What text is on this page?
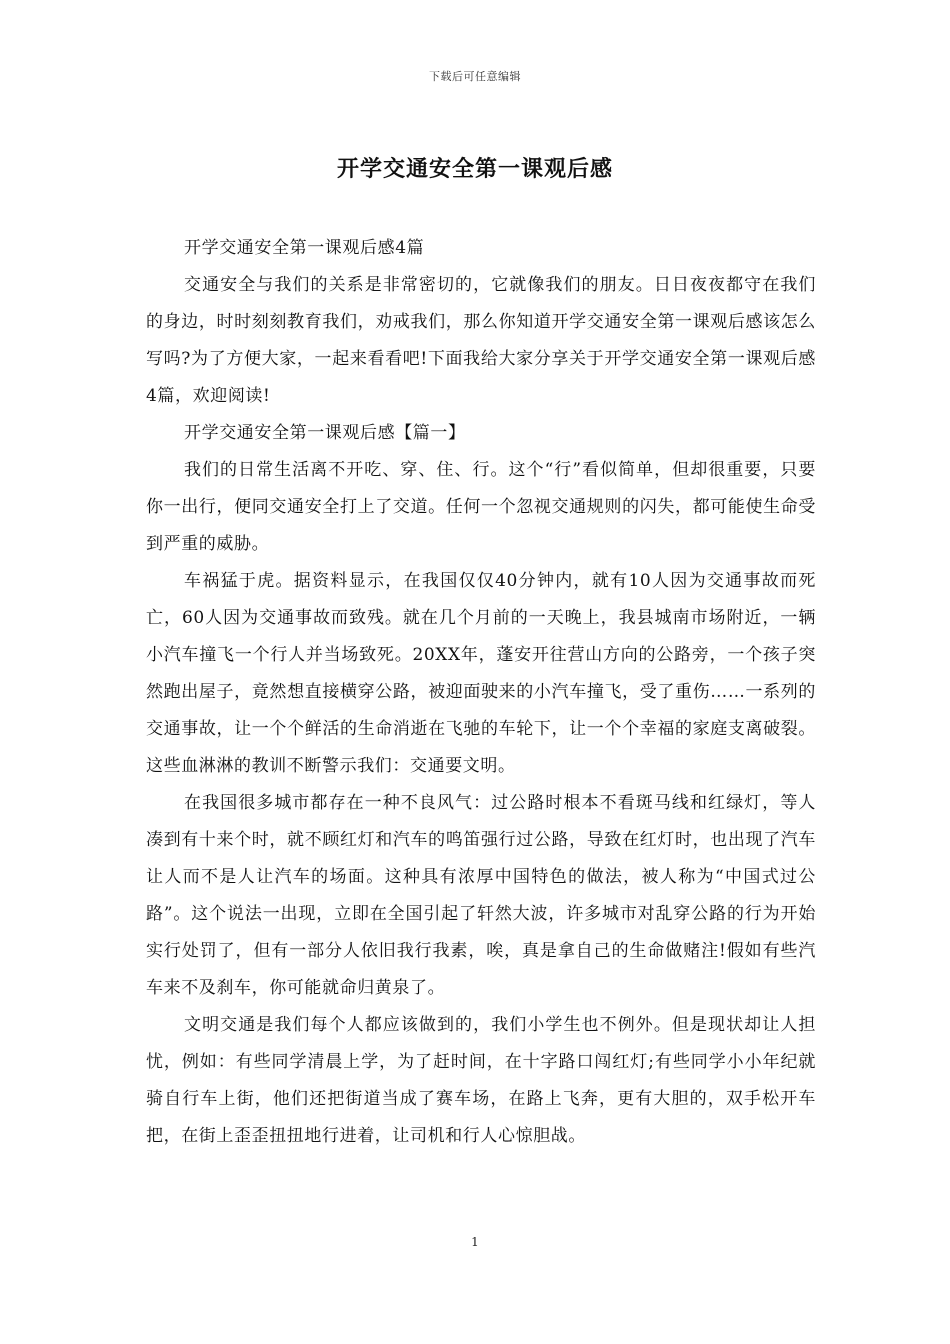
下载后可任意编辑
开学交通安全第一课观后感

开学交通安全第一课观后感4篇

交通安全与我们的关系是非常密切的，它就像我们的朋友。日日夜夜都守在我们的身边，时时刻刻教育我们，劝戒我们，那么你知道开学交通安全第一课观后感该怎么写吗?为了方便大家，一起来看看吧!下面我给大家分享关于开学交通安全第一课观后感4篇，欢迎阅读!

开学交通安全第一课观后感【篇一】

我们的日常生活离不开吃、穿、住、行。这个“行”看似简单，但却很重要，只要你一出行，便同交通安全打上了交道。任何一个忽视交通规则的闪失，都可能使生命受到严重的威胁。

车祸猛于虎。据资料显示，在我国仅仅40分钟内，就有10人因为交通事故而死亡，60人因为交通事故而致残。就在几个月前的一天晚上，我县城南市场附近，一辆小汽车撞飞一个行人并当场致死。20XX年，蓬安开往营山方向的公路旁，一个孩子突然跑出屋子，竟然想直接横穿公路，被迎面驶来的小汽车撞飞，受了重伤……一系列的交通事故，让一个个鲜活的生命消逝在飞驰的车轮下，让一个个幸福的家庭支离破裂。这些血淋淋的教训不断警示我们：交通要文明。

在我国很多城市都存在一种不良风气：过公路时根本不看斑马线和红绿灯，等人凑到有十来个时，就不顾红灯和汽车的鸣笛强行过公路，导致在红灯时，也出现了汽车让人而不是人让汽车的场面。这种具有浓厚中国特色的做法，被人称为“中国式过公路”。这个说法一出现，立即在全国引起了轩然大波，许多城市对乱穿公路的行为开始实行处罚了，但有一部分人依旧我行我素，唉，真是拿自己的生命做赌注!假如有些汽车来不及刹车，你可能就命归黄泉了。

文明交通是我们每个人都应该做到的，我们小学生也不例外。但是现状却让人担忧，例如：有些同学清晨上学，为了赶时间，在十字路口闯红灯;有些同学小小年纪就骑自行车上街，他们还把街道当成了赛车场，在路上飞奔，更有大胆的，双手松开车把，在街上歪歪扭扭地行进着，让司机和行人心惊胆战。

1
